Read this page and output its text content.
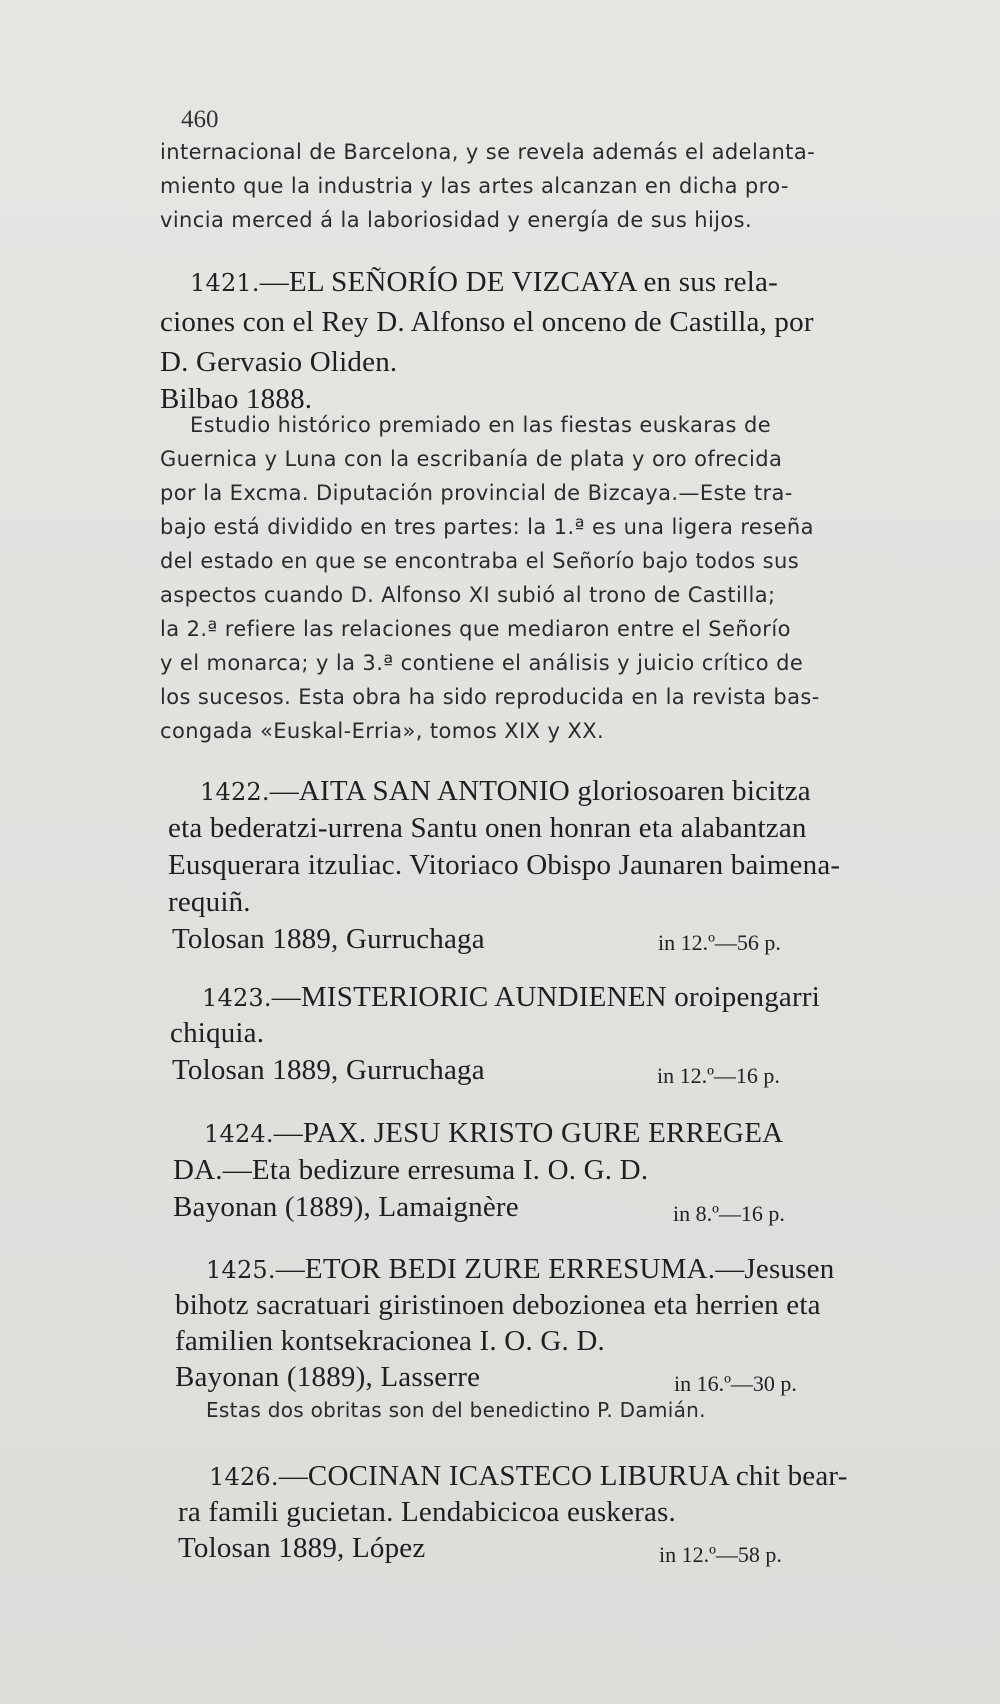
460
internacional de Barcelona, y se revela además el adelanta-
miento que la industria y las artes alcanzan en dicha pro-
vincia merced á la laboriosidad y energía de sus hijos.
1421.—EL SEÑORÍO DE VIZCAYA en sus rela-
ciones con el Rey D. Alfonso el onceno de Castilla, por
D. Gervasio Oliden.
Bilbao 1888.
Estudio histórico premiado en las fiestas euskaras de
Guernica y Luna con la escribanía de plata y oro ofrecida
por la Excma. Diputación provincial de Bizcaya.—Este tra-
bajo está dividido en tres partes: la 1.ª es una ligera reseña
del estado en que se encontraba el Señorío bajo todos sus
aspectos cuando D. Alfonso XI subió al trono de Castilla;
la 2.ª refiere las relaciones que mediaron entre el Señorío
y el monarca; y la 3.ª contiene el análisis y juicio crítico de
los sucesos. Esta obra ha sido reproducida en la revista bas-
congada «Euskal-Erria», tomos XIX y XX.
1422.—AITA SAN ANTONIO gloriosoaren bicitza
eta bederatzi-urrena Santu onen honran eta alabantzan
Eusquerara itzuliac. Vitoriaco Obispo Jaunaren baimena-
requiñ.
Tolosan 1889, Gurruchaga	in 12.º—56 p.
1423.—MISTERIORIC AUNDIENEN oroipengarri
chiquia.
Tolosan 1889, Gurruchaga	in 12.º—16 p.
1424.—PAX. JESU KRISTO GURE ERREGEA
DA.—Eta bedizure erresuma I. O. G. D.
Bayonan (1889), Lamaignère	in 8.º—16 p.
1425.—ETOR BEDI ZURE ERRESUMA.—Jesusen
bihotz sacratuari giristinoen debozionea eta herrien eta
familien kontsekracionea I. O. G. D.
Bayonan (1889), Lasserre	in 16.º—30 p.
Estas dos obritas son del benedictino P. Damián.
1426.—COCINAN ICASTECO LIBURUA chit bear-
ra famili gucietan. Lendabicicoa euskeras.
Tolosan 1889, López	in 12.º—58 p.
